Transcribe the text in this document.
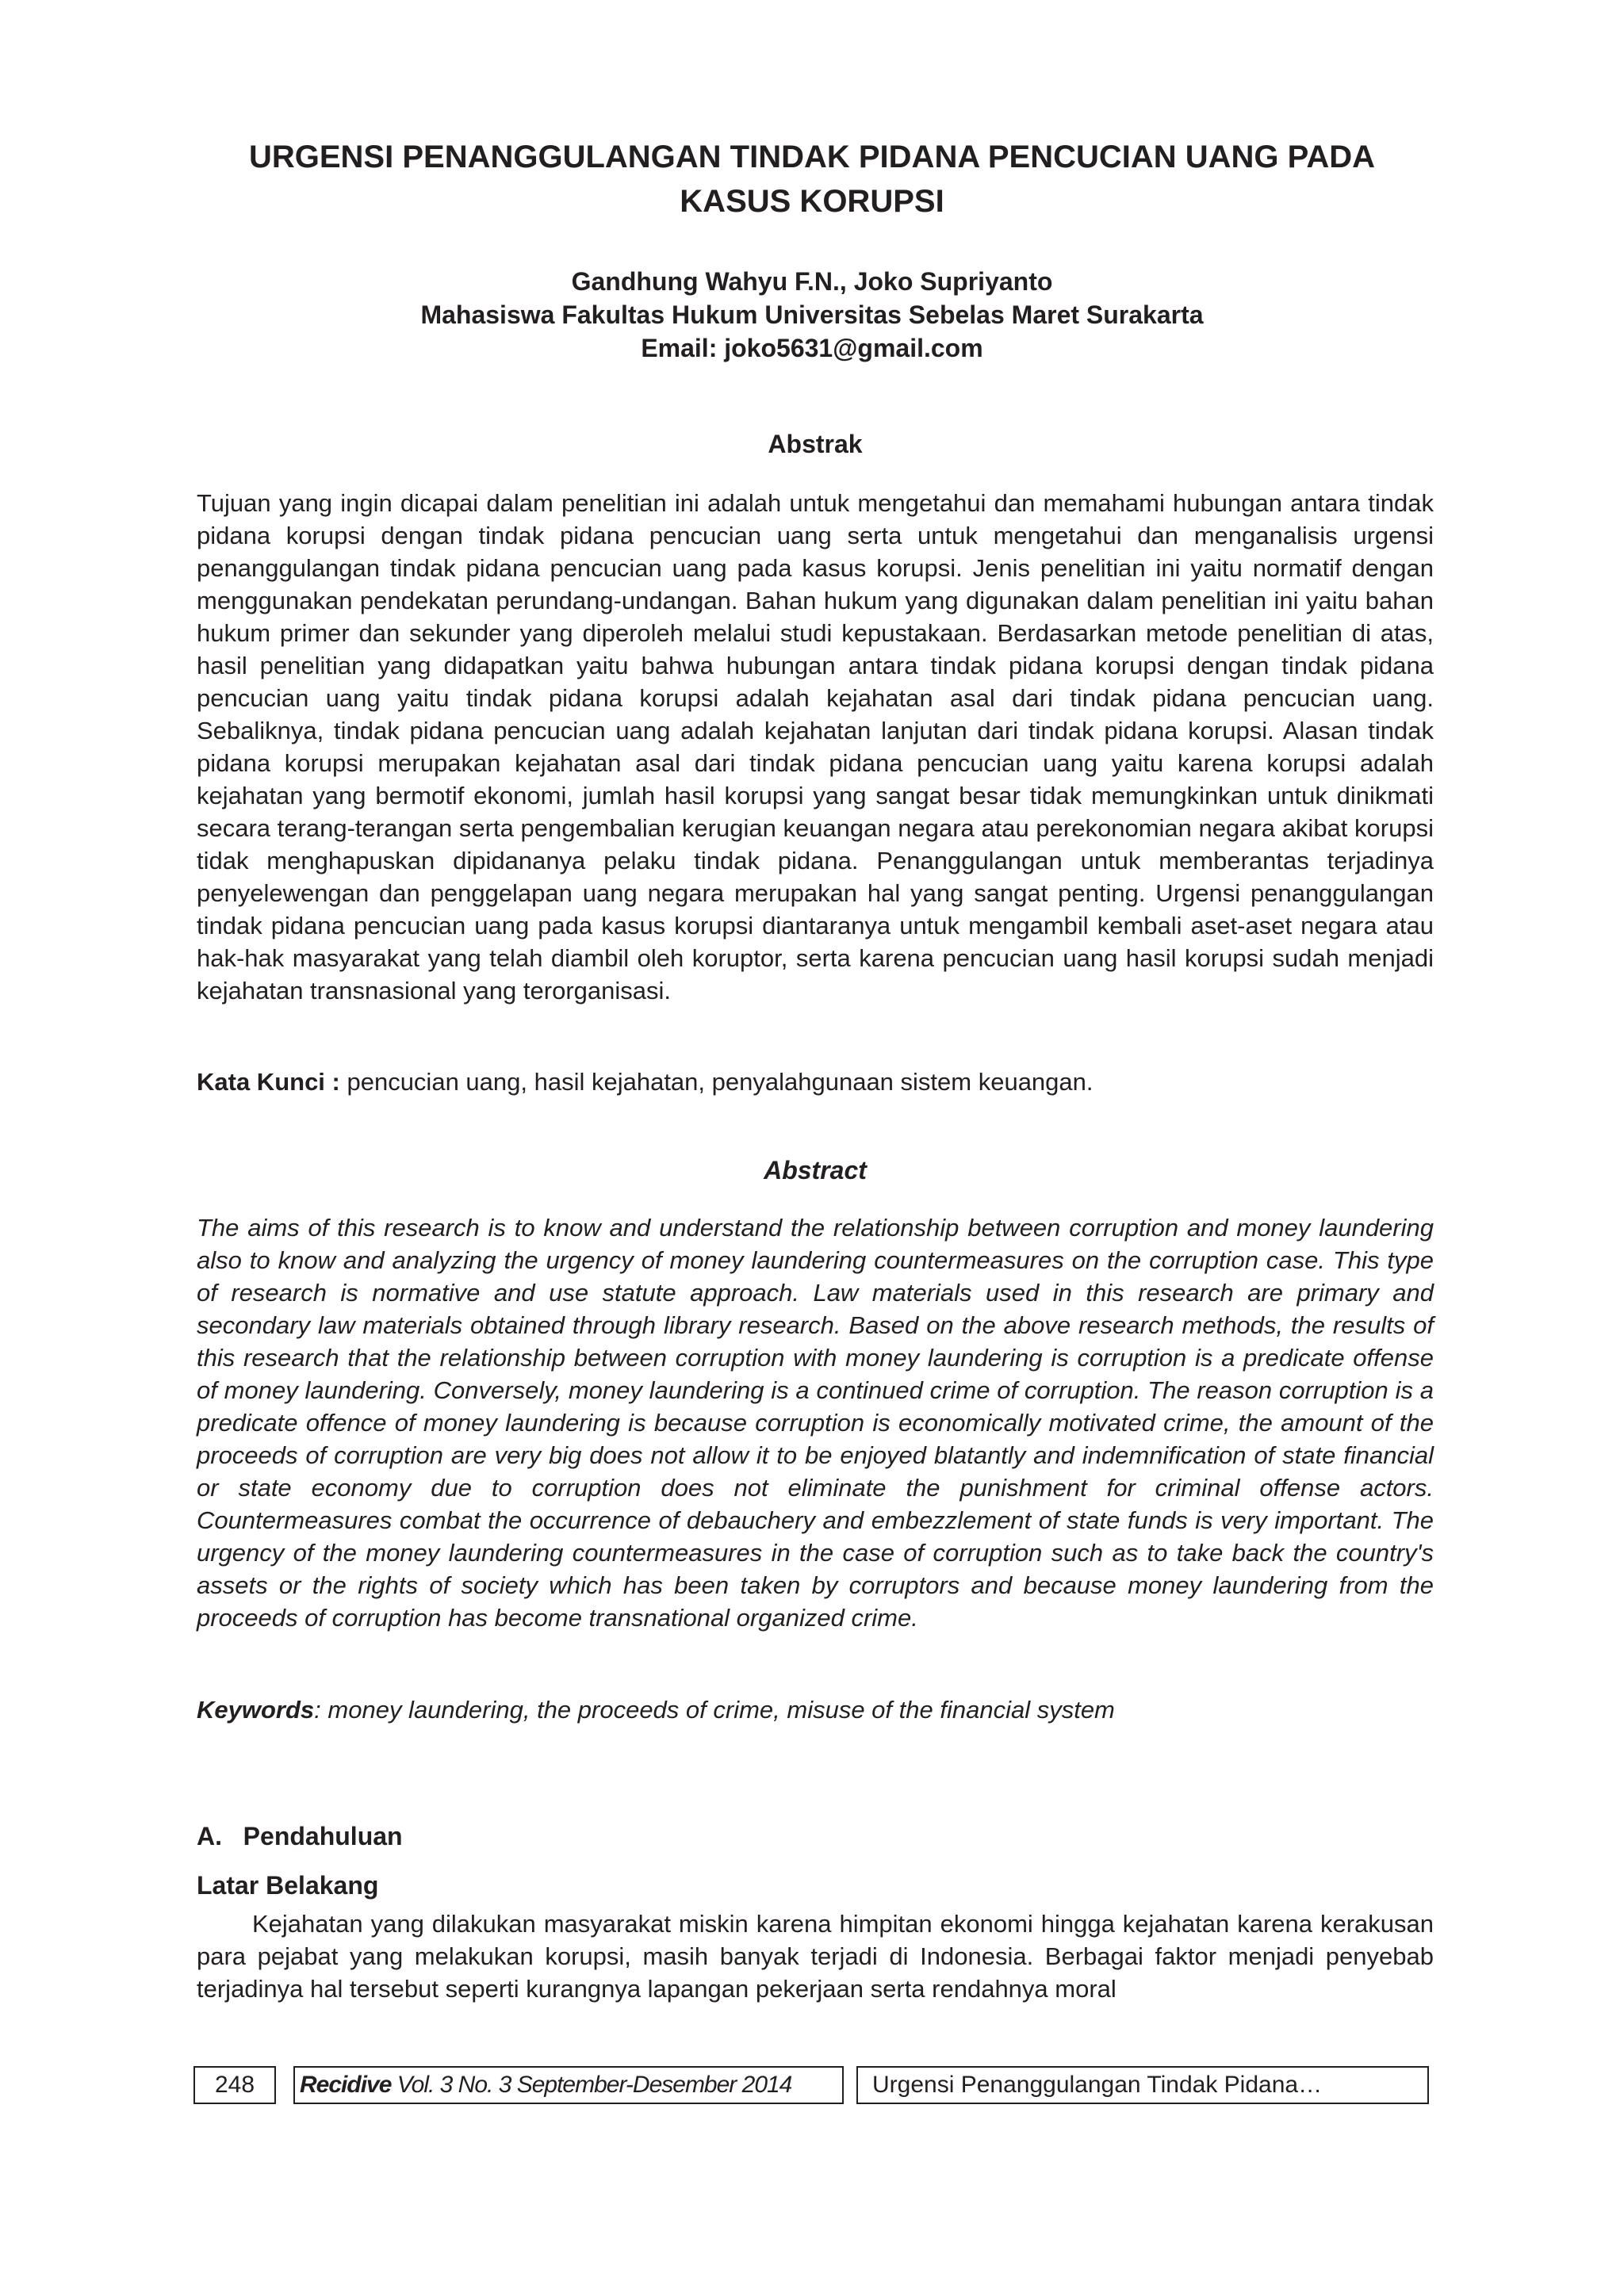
URGENSI PENANGGULANGAN TINDAK PIDANA PENCUCIAN UANG PADA
KASUS KORUPSI
Gandhung Wahyu F.N., Joko Supriyanto
Mahasiswa Fakultas Hukum Universitas Sebelas Maret Surakarta
Email: joko5631@gmail.com
Abstrak
Tujuan yang ingin dicapai dalam penelitian ini adalah untuk mengetahui dan memahami hubungan antara tindak pidana korupsi dengan tindak pidana pencucian uang serta untuk mengetahui dan menganalisis urgensi penanggulangan tindak pidana pencucian uang pada kasus korupsi. Jenis penelitian ini yaitu normatif dengan menggunakan pendekatan perundang-undangan. Bahan hukum yang digunakan dalam penelitian ini yaitu bahan hukum primer dan sekunder yang diperoleh melalui studi kepustakaan. Berdasarkan metode penelitian di atas, hasil penelitian yang didapatkan yaitu bahwa hubungan antara tindak pidana korupsi dengan tindak pidana pencucian uang yaitu tindak pidana korupsi adalah kejahatan asal dari tindak pidana pencucian uang. Sebaliknya, tindak pidana pencucian uang adalah kejahatan lanjutan dari tindak pidana korupsi. Alasan tindak pidana korupsi merupakan kejahatan asal dari tindak pidana pencucian uang yaitu karena korupsi adalah kejahatan yang bermotif ekonomi, jumlah hasil korupsi yang sangat besar tidak memungkinkan untuk dinikmati secara terang-terangan serta pengembalian kerugian keuangan negara atau perekonomian negara akibat korupsi tidak menghapuskan dipidananya pelaku tindak pidana. Penanggulangan untuk memberantas terjadinya penyelewengan dan penggelapan uang negara merupakan hal yang sangat penting. Urgensi penanggulangan tindak pidana pencucian uang pada kasus korupsi diantaranya untuk mengambil kembali aset-aset negara atau hak-hak masyarakat yang telah diambil oleh koruptor, serta karena pencucian uang hasil korupsi sudah menjadi kejahatan transnasional yang terorganisasi.
Kata Kunci : pencucian uang, hasil kejahatan, penyalahgunaan sistem keuangan.
Abstract
The aims of this research is to know and understand the relationship between corruption and money laundering also to know and analyzing the urgency of money laundering countermeasures on the corruption case. This type of research is normative and use statute approach. Law materials used in this research are primary and secondary law materials obtained through library research. Based on the above research methods, the results of this research that the relationship between corruption with money laundering is corruption is a predicate offense of money laundering. Conversely, money laundering is a continued crime of corruption. The reason corruption is a predicate offence of money laundering is because corruption is economically motivated crime, the amount of the proceeds of corruption are very big does not allow it to be enjoyed blatantly and indemnification of state financial or state economy due to corruption does not eliminate the punishment for criminal offense actors. Countermeasures combat the occurrence of debauchery and embezzlement of state funds is very important. The urgency of the money laundering countermeasures in the case of corruption such as to take back the country's assets or the rights of society which has been taken by corruptors and because money laundering from the proceeds of corruption has become transnational organized crime.
Keywords: money laundering, the proceeds of crime, misuse of the financial system
A.   Pendahuluan
Latar Belakang
Kejahatan yang dilakukan masyarakat miskin karena himpitan ekonomi hingga kejahatan karena kerakusan para pejabat yang melakukan korupsi, masih banyak terjadi di Indonesia. Berbagai faktor menjadi penyebab terjadinya hal tersebut seperti kurangnya lapangan pekerjaan serta rendahnya moral
248	Recidive Vol. 3 No. 3 September-Desember 2014	Urgensi Penanggulangan Tindak Pidana…
